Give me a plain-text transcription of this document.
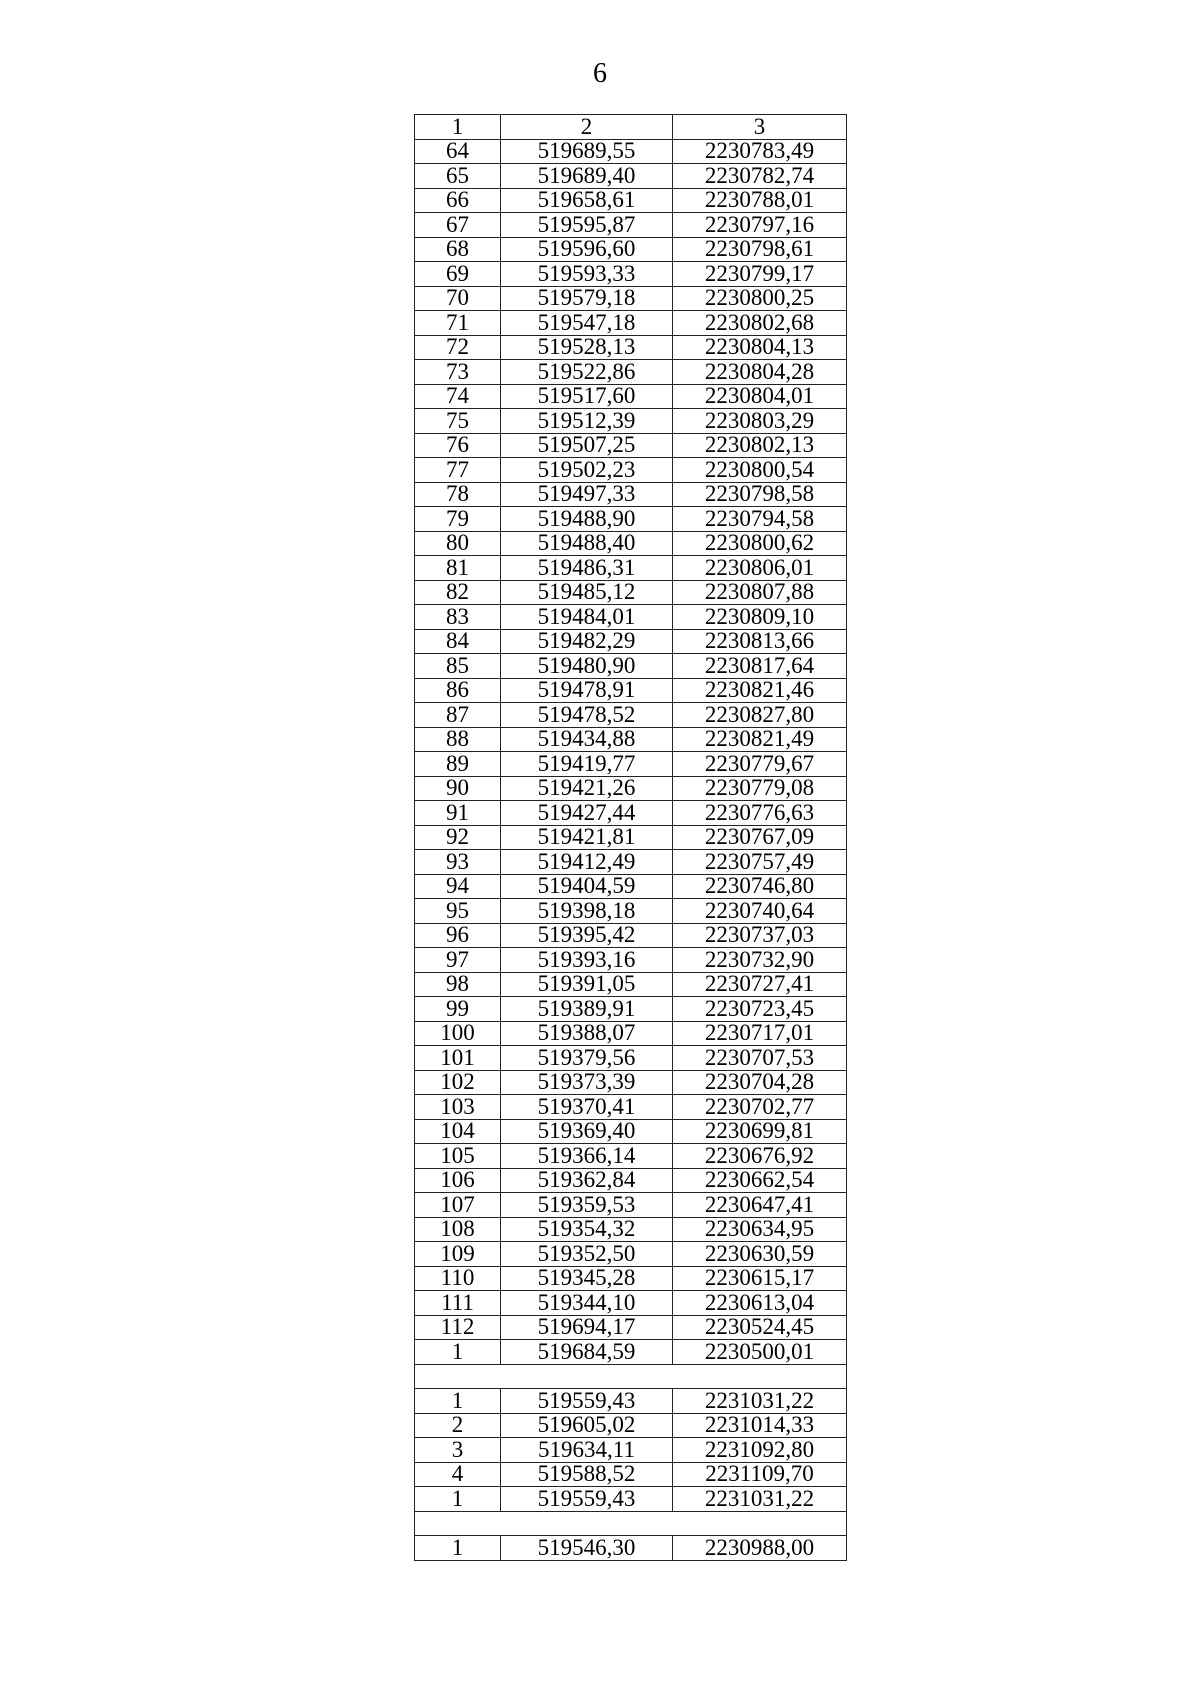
6
1	2	3
64	519689,55	2230783,49
65	519689,40	2230782,74
66	519658,61	2230788,01
67	519595,87	2230797,16
68	519596,60	2230798,61
69	519593,33	2230799,17
70	519579,18	2230800,25
71	519547,18	2230802,68
72	519528,13	2230804,13
73	519522,86	2230804,28
74	519517,60	2230804,01
75	519512,39	2230803,29
76	519507,25	2230802,13
77	519502,23	2230800,54
78	519497,33	2230798,58
79	519488,90	2230794,58
80	519488,40	2230800,62
81	519486,31	2230806,01
82	519485,12	2230807,88
83	519484,01	2230809,10
84	519482,29	2230813,66
85	519480,90	2230817,64
86	519478,91	2230821,46
87	519478,52	2230827,80
88	519434,88	2230821,49
89	519419,77	2230779,67
90	519421,26	2230779,08
91	519427,44	2230776,63
92	519421,81	2230767,09
93	519412,49	2230757,49
94	519404,59	2230746,80
95	519398,18	2230740,64
96	519395,42	2230737,03
97	519393,16	2230732,90
98	519391,05	2230727,41
99	519389,91	2230723,45
100	519388,07	2230717,01
101	519379,56	2230707,53
102	519373,39	2230704,28
103	519370,41	2230702,77
104	519369,40	2230699,81
105	519366,14	2230676,92
106	519362,84	2230662,54
107	519359,53	2230647,41
108	519354,32	2230634,95
109	519352,50	2230630,59
110	519345,28	2230615,17
111	519344,10	2230613,04
112	519694,17	2230524,45
1	519684,59	2230500,01

1	519559,43	2231031,22
2	519605,02	2231014,33
3	519634,11	2231092,80
4	519588,52	2231109,70
1	519559,43	2231031,22

1	519546,30	2230988,00
